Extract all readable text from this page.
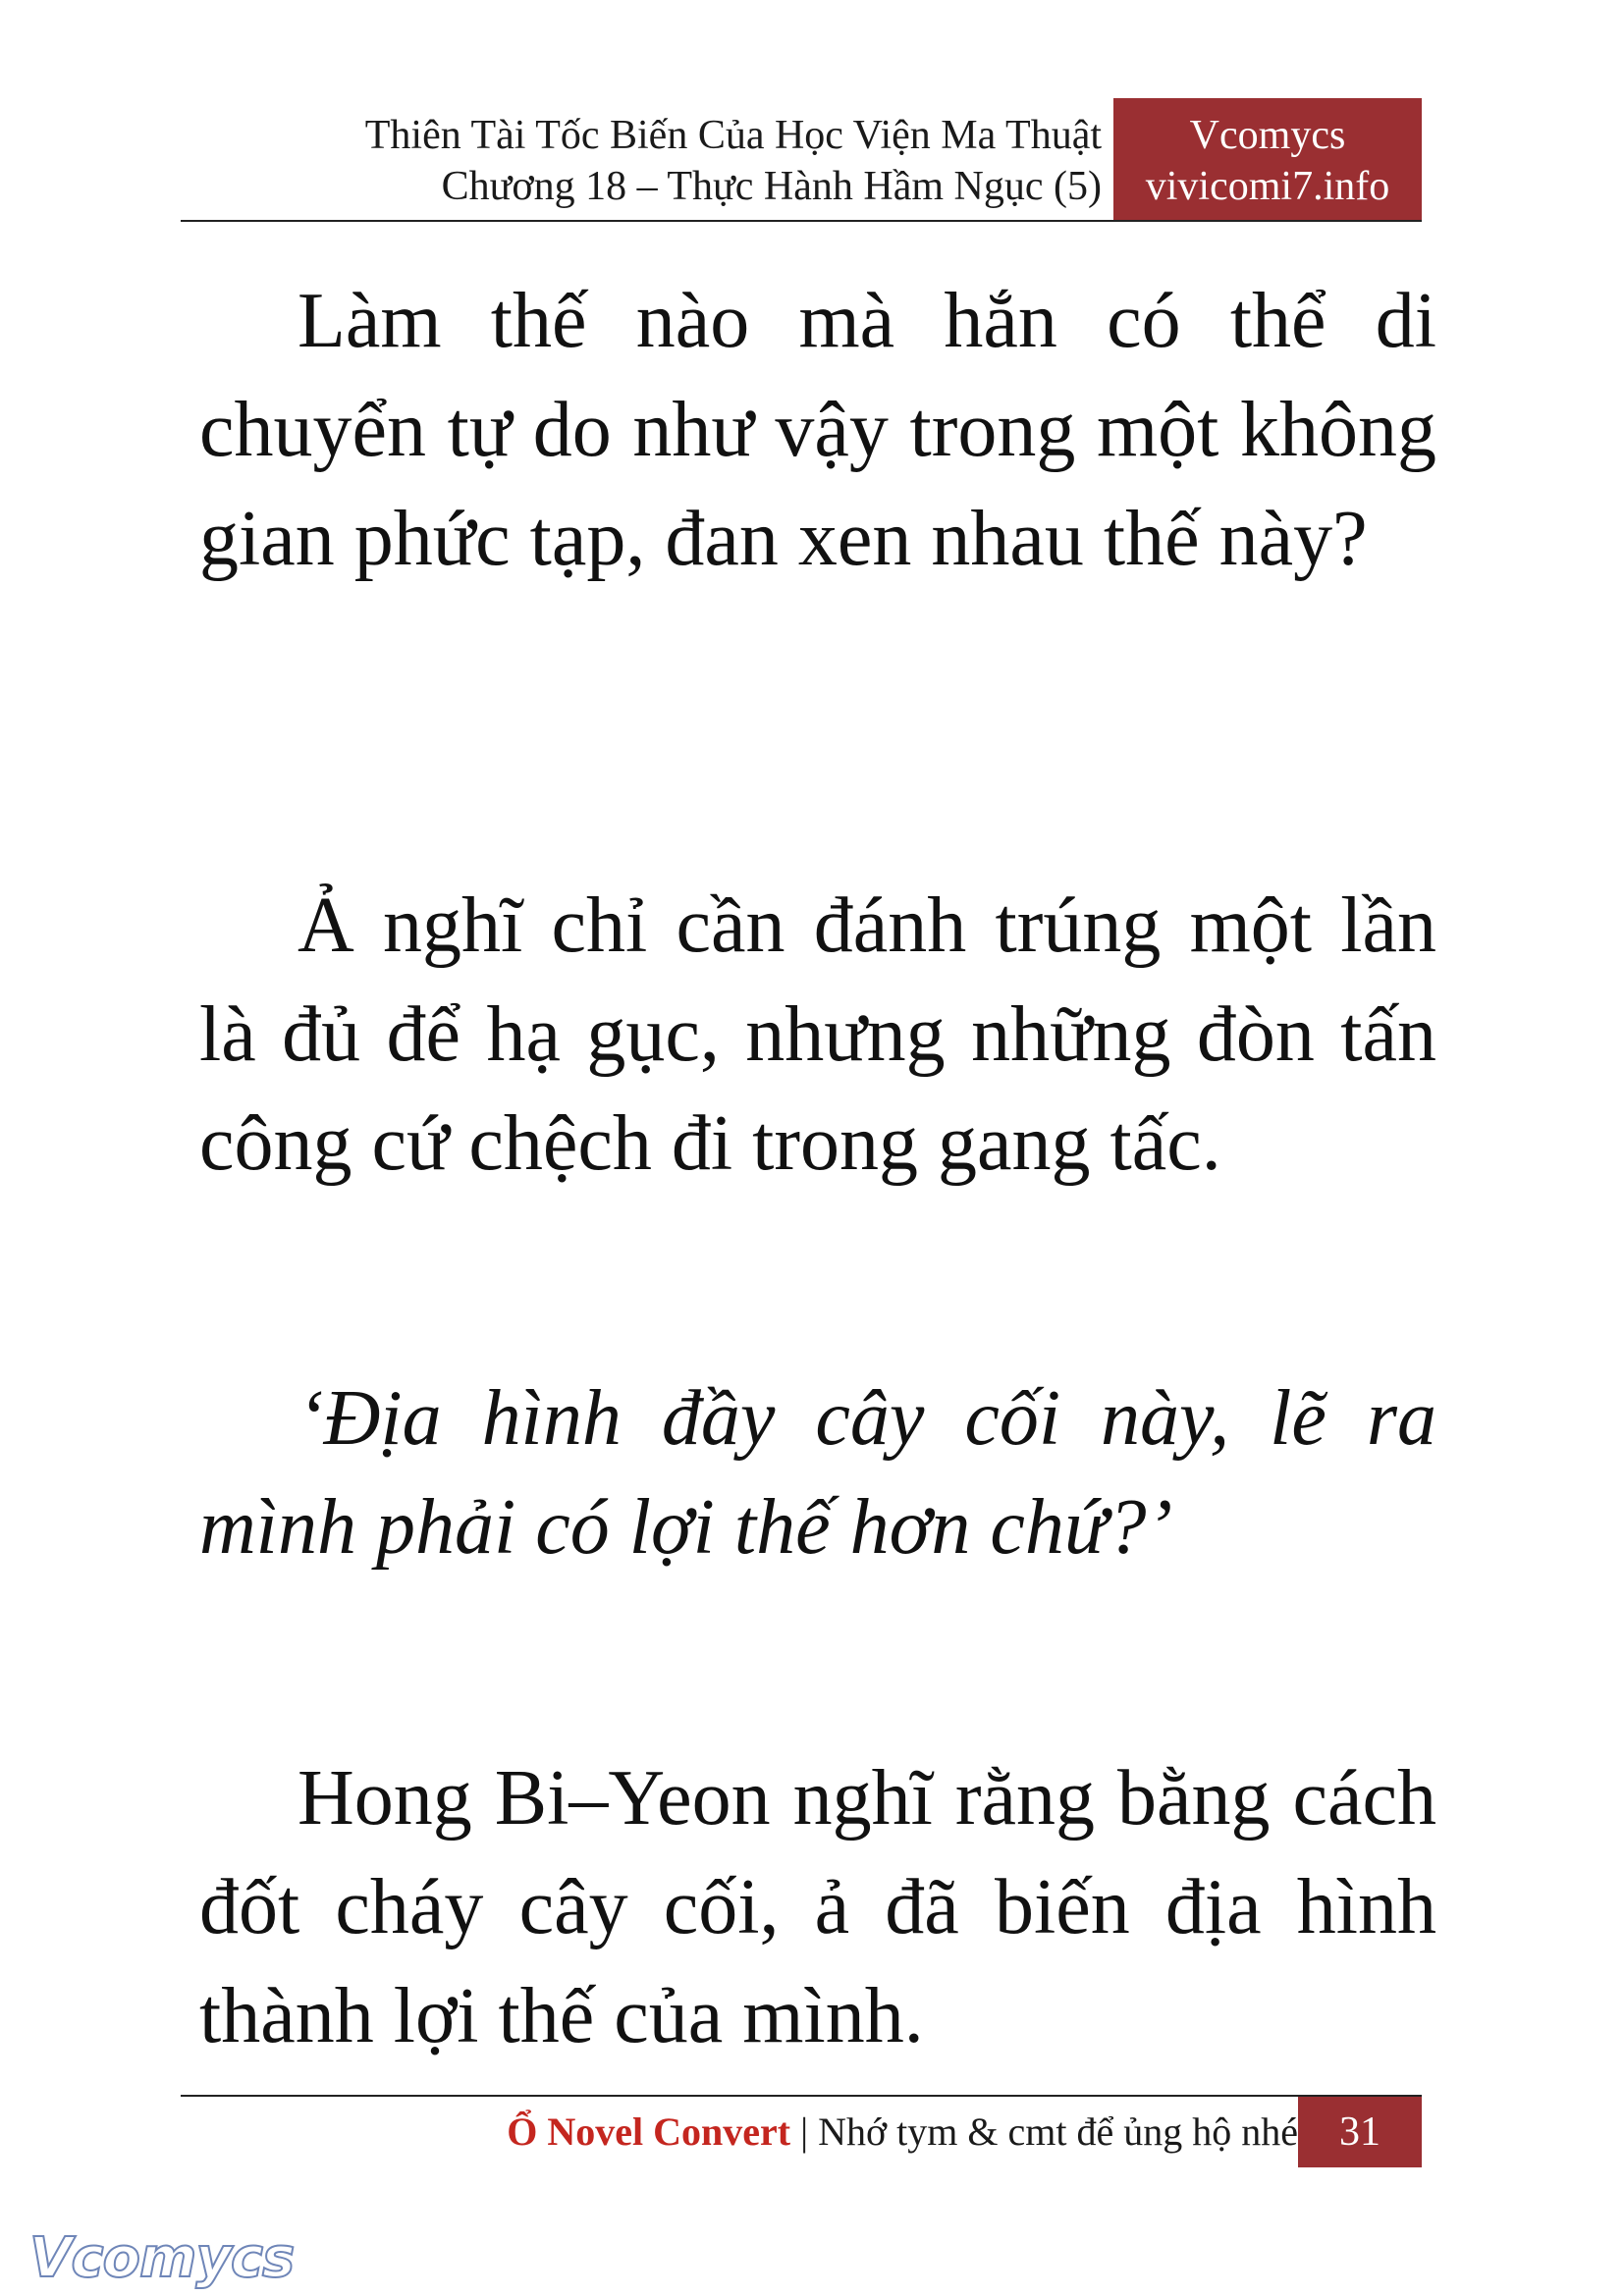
Thiên Tài Tốc Biến Của Học Viện Ma Thuật
Chương 18 – Thực Hành Hầm Ngục (5)
Vcomycs
vivicomi7.info

Làm thế nào mà hắn có thể di chuyển tự do như vậy trong một không gian phức tạp, đan xen nhau thế này?

Ả nghĩ chỉ cần đánh trúng một lần là đủ để hạ gục, nhưng những đòn tấn công cứ chệch đi trong gang tấc.

‘Địa hình đầy cây cối này, lẽ ra mình phải có lợi thế hơn chứ?’

Hong Bi–Yeon nghĩ rằng bằng cách đốt cháy cây cối, ả đã biến địa hình thành lợi thế của mình.

Ổ Novel Convert | Nhớ tym & cmt để ủng hộ nhé	31
Vcomycs
